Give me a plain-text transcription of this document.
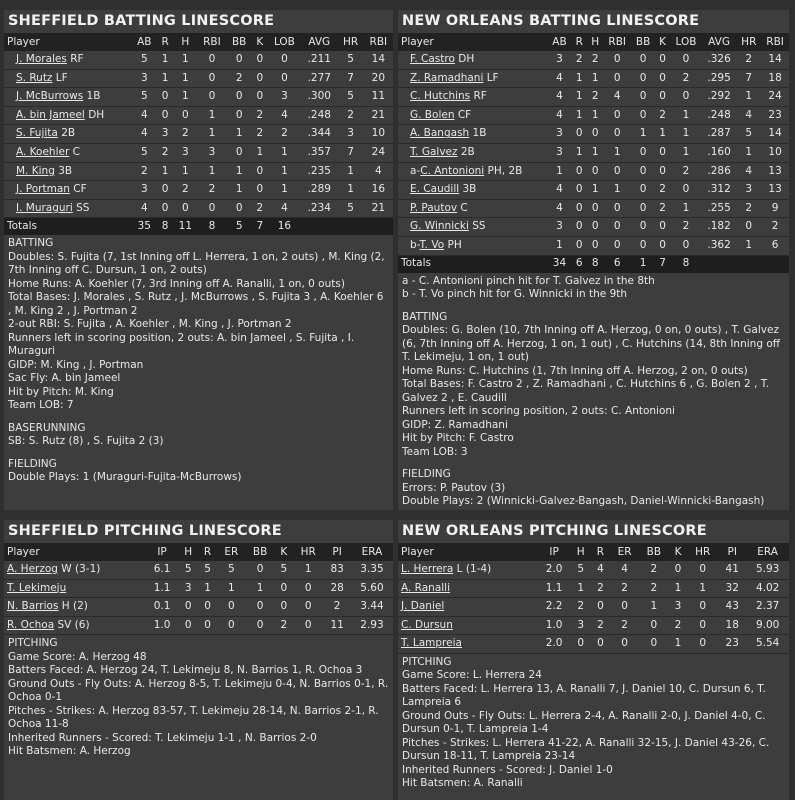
SHEFFIELD BATTING LINESCORE
Player	AB	R	H	RBI	BB	K	LOB	AVG	HR	RBI
J. Morales RF	5	1	1	0	0	0	0	.211	5	14
S. Rutz LF	3	1	1	0	2	0	0	.277	7	20
J. McBurrows 1B	5	0	1	0	0	0	3	.300	5	11
A. bin Jameel DH	4	0	0	1	0	2	4	.248	2	21
S. Fujita 2B	4	3	2	1	1	2	2	.344	3	10
A. Koehler C	5	2	3	3	0	1	1	.357	7	24
M. King 3B	2	1	1	1	1	0	1	.235	1	4
J. Portman CF	3	0	2	2	1	0	1	.289	1	16
I. Muraguri SS	4	0	0	0	0	2	4	.234	5	21
Totals	35	8	11	8	5	7	16			
BATTING
Doubles: S. Fujita (7, 1st Inning off L. Herrera, 1 on, 2 outs) , M. King (2, 7th Inning off C. Dursun, 1 on, 2 outs)
Home Runs: A. Koehler (7, 3rd Inning off A. Ranalli, 1 on, 0 outs)
Total Bases: J. Morales , S. Rutz , J. McBurrows , S. Fujita 3 , A. Koehler 6 , M. King 2 , J. Portman 2
2-out RBI: S. Fujita , A. Koehler , M. King , J. Portman 2
Runners left in scoring position, 2 outs: A. bin Jameel , S. Fujita , I. Muraguri
GIDP: M. King , J. Portman
Sac Fly: A. bin Jameel
Hit by Pitch: M. King
Team LOB: 7
BASERUNNING
SB: S. Rutz (8) , S. Fujita 2 (3)
FIELDING
Double Plays: 1 (Muraguri-Fujita-McBurrows)
NEW ORLEANS BATTING LINESCORE
Player	AB	R	H	RBI	BB	K	LOB	AVG	HR	RBI
F. Castro DH	3	2	2	0	0	0	0	.326	2	14
Z. Ramadhani LF	4	1	1	0	0	0	2	.295	7	18
C. Hutchins RF	4	1	2	4	0	0	0	.292	1	24
G. Bolen CF	4	1	1	0	0	2	1	.248	4	23
A. Bangash 1B	3	0	0	0	1	1	1	.287	5	14
T. Galvez 2B	3	1	1	1	0	0	1	.160	1	10
a-C. Antonioni PH, 2B	1	0	0	0	0	0	2	.286	4	13
E. Caudill 3B	4	0	1	1	0	2	0	.312	3	13
P. Pautov C	4	0	0	0	0	2	1	.255	2	9
G. Winnicki SS	3	0	0	0	0	0	2	.182	0	2
b-T. Vo PH	1	0	0	0	0	0	0	.362	1	6
Totals	34	6	8	6	1	7	8			
a - C. Antonioni pinch hit for T. Galvez in the 8th
b - T. Vo pinch hit for G. Winnicki in the 9th
BATTING
Doubles: G. Bolen (10, 7th Inning off A. Herzog, 0 on, 0 outs) , T. Galvez (6, 7th Inning off A. Herzog, 1 on, 1 out) , C. Hutchins (14, 8th Inning off T. Lekimeju, 1 on, 1 out)
Home Runs: C. Hutchins (1, 7th Inning off A. Herzog, 2 on, 0 outs)
Total Bases: F. Castro 2 , Z. Ramadhani , C. Hutchins 6 , G. Bolen 2 , T. Galvez 2 , E. Caudill
Runners left in scoring position, 2 outs: C. Antonioni
GIDP: Z. Ramadhani
Hit by Pitch: F. Castro
Team LOB: 3
FIELDING
Errors: P. Pautov (3)
Double Plays: 2 (Winnicki-Galvez-Bangash, Daniel-Winnicki-Bangash)
SHEFFIELD PITCHING LINESCORE
Player	IP	H	R	ER	BB	K	HR	PI	ERA
A. Herzog W (3-1)	6.1	5	5	5	0	5	1	83	3.35
T. Lekimeju	1.1	3	1	1	1	0	0	28	5.60
N. Barrios H (2)	0.1	0	0	0	0	0	0	2	3.44
R. Ochoa SV (6)	1.0	0	0	0	0	2	0	11	2.93
PITCHING
Game Score: A. Herzog 48
Batters Faced: A. Herzog 24, T. Lekimeju 8, N. Barrios 1, R. Ochoa 3
Ground Outs - Fly Outs: A. Herzog 8-5, T. Lekimeju 0-4, N. Barrios 0-1, R. Ochoa 0-1
Pitches - Strikes: A. Herzog 83-57, T. Lekimeju 28-14, N. Barrios 2-1, R. Ochoa 11-8
Inherited Runners - Scored: T. Lekimeju 1-1 , N. Barrios 2-0
Hit Batsmen: A. Herzog
NEW ORLEANS PITCHING LINESCORE
Player	IP	H	R	ER	BB	K	HR	PI	ERA
L. Herrera L (1-4)	2.0	5	4	4	2	0	0	41	5.93
A. Ranalli	1.1	1	2	2	2	1	1	32	4.02
J. Daniel	2.2	2	0	0	1	3	0	43	2.37
C. Dursun	1.0	3	2	2	0	2	0	18	9.00
T. Lampreia	2.0	0	0	0	0	1	0	23	5.54
PITCHING
Game Score: L. Herrera 24
Batters Faced: L. Herrera 13, A. Ranalli 7, J. Daniel 10, C. Dursun 6, T. Lampreia 6
Ground Outs - Fly Outs: L. Herrera 2-4, A. Ranalli 2-0, J. Daniel 4-0, C. Dursun 0-1, T. Lampreia 1-4
Pitches - Strikes: L. Herrera 41-22, A. Ranalli 32-15, J. Daniel 43-26, C. Dursun 18-11, T. Lampreia 23-14
Inherited Runners - Scored: J. Daniel 1-0
Hit Batsmen: A. Ranalli
